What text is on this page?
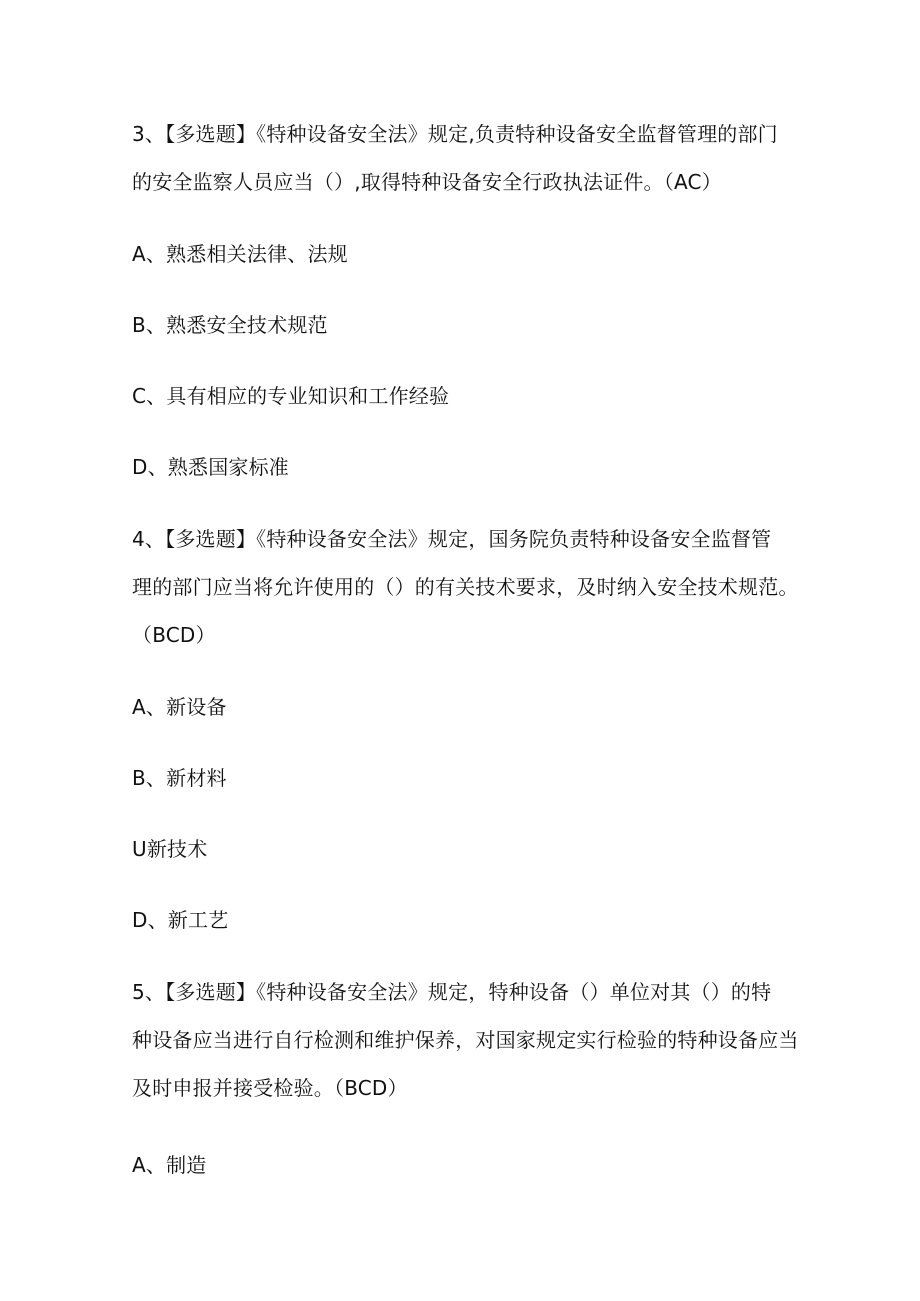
3、【多选题】《特种设备安全法》规定,负责特种设备安全监督管理的部门
的安全监察人员应当（）,取得特种设备安全行政执法证件。（AC）
A、熟悉相关法律、法规
B、熟悉安全技术规范
C、具有相应的专业知识和工作经验
D、熟悉国家标准
4、【多选题】《特种设备安全法》规定，国务院负责特种设备安全监督管
理的部门应当将允许使用的（）的有关技术要求，及时纳入安全技术规范。
（BCD）
A、新设备
B、新材料
U新技术
D、新工艺
5、【多选题】《特种设备安全法》规定，特种设备（）单位对其（）的特
种设备应当进行自行检测和维护保养，对国家规定实行检验的特种设备应当
及时申报并接受检验。（BCD）
A、制造
